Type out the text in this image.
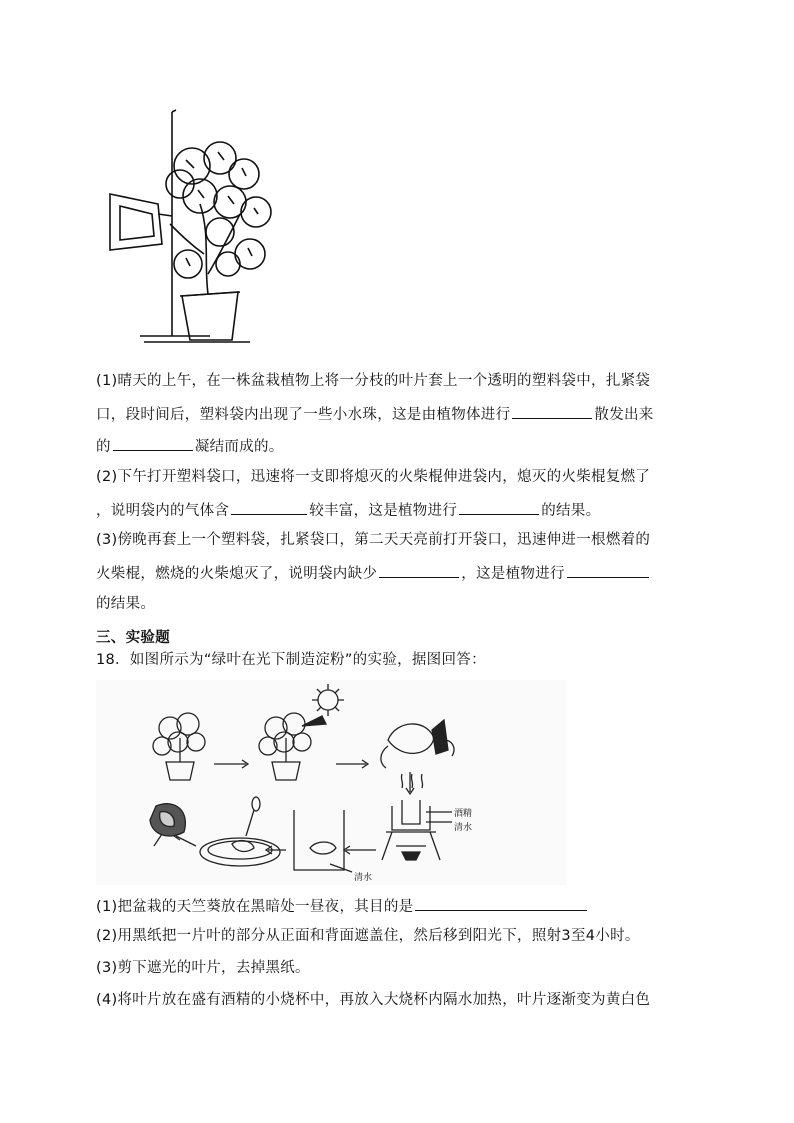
(1)晴天的上午，在一株盆栽植物上将一分枝的叶片套上一个透明的塑料袋中，扎紧袋
口，段时间后，塑料袋内出现了一些小水珠，这是由植物体进行	散发出来
的	凝结而成的。
(2)下午打开塑料袋口，迅速将一支即将熄灭的火柴棍伸进袋内，熄灭的火柴棍复燃了
，说明袋内的气体含	较丰富，这是植物进行	的结果。
(3)傍晚再套上一个塑料袋，扎紧袋口，第二天天亮前打开袋口，迅速伸进一根燃着的
火柴棍，燃烧的火柴熄灭了，说明袋内缺少	，这是植物进行
的结果。
三、实验题
18．如图所示为“绿叶在光下制造淀粉”的实验，据图回答：
酒精
清水
清水
(1)把盆栽的天竺葵放在黑暗处一昼夜，其目的是
(2)用黑纸把一片叶的部分从正面和背面遮盖住，然后移到阳光下，照射3至4小时。
(3)剪下遮光的叶片，去掉黑纸。
(4)将叶片放在盛有酒精的小烧杯中，再放入大烧杯内隔水加热，叶片逐渐变为黄白色
